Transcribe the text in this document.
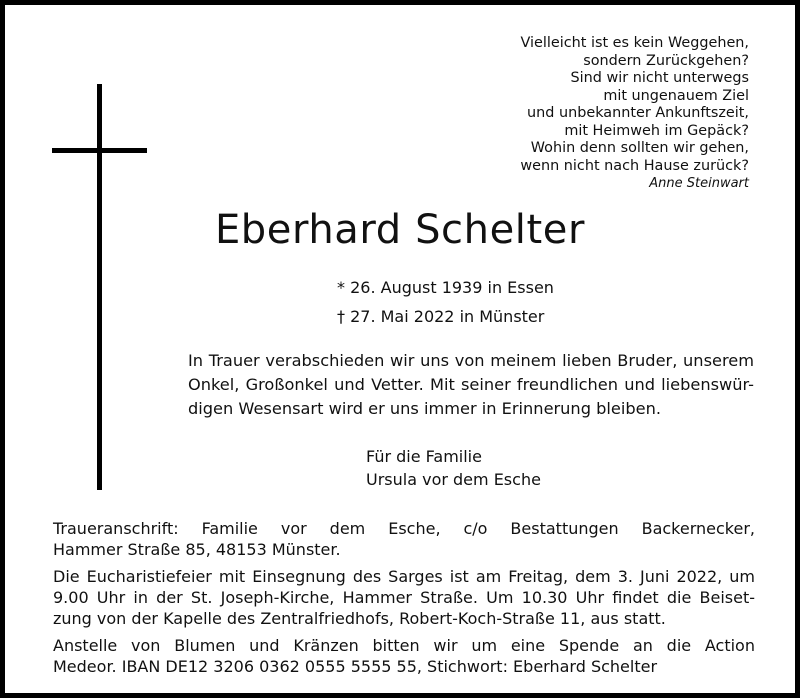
Vielleicht ist es kein Weggehen,
sondern Zurückgehen?
Sind wir nicht unterwegs
mit ungenauem Ziel
und unbekannter Ankunftszeit,
mit Heimweh im Gepäck?
Wohin denn sollten wir gehen,
wenn nicht nach Hause zurück?
Anne Steinwart
Eberhard Schelter
* 26. August 1939 in Essen
† 27. Mai 2022 in Münster
In Trauer verabschieden wir uns von meinem lieben Bruder, unserem
Onkel, Großonkel und Vetter. Mit seiner freundlichen und liebenswür-
digen Wesensart wird er uns immer in Erinnerung bleiben.
Für die Familie
Ursula vor dem Esche
Traueranschrift: Familie vor dem Esche, c/o Bestattungen Backernecker,
Hammer Straße 85, 48153 Münster.
Die Eucharistiefeier mit Einsegnung des Sarges ist am Freitag, dem 3. Juni 2022, um
9.00 Uhr in der St. Joseph-Kirche, Hammer Straße. Um 10.30 Uhr findet die Beiset-
zung von der Kapelle des Zentralfriedhofs, Robert-Koch-Straße 11, aus statt.
Anstelle von Blumen und Kränzen bitten wir um eine Spende an die Action
Medeor. IBAN DE12 3206 0362 0555 5555 55, Stichwort: Eberhard Schelter
